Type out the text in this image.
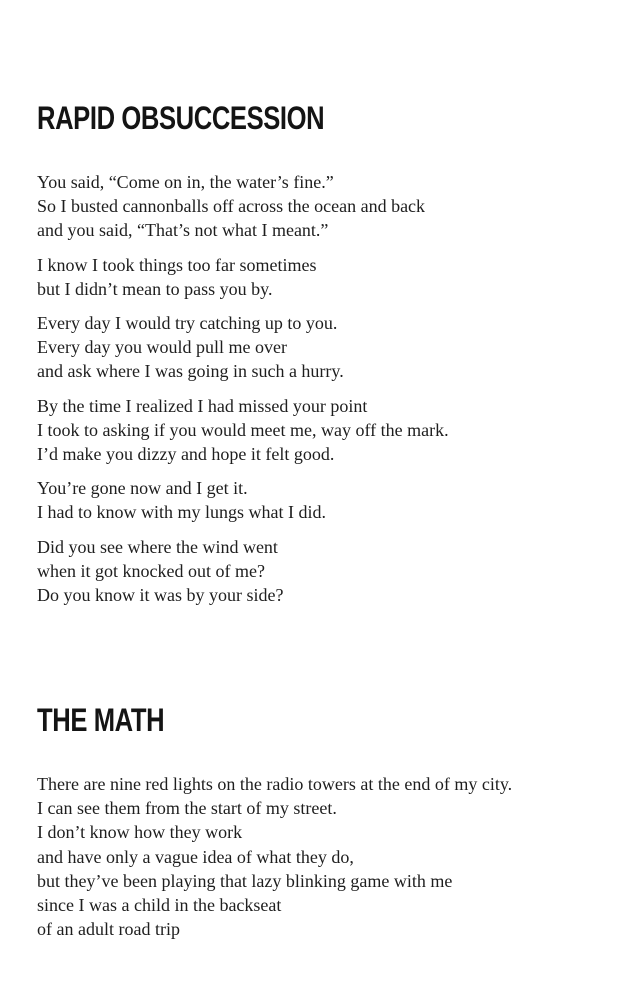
RAPID OBSUCCESSION
You said, “Come on in, the water’s fine.”
So I busted cannonballs off across the ocean and back
and you said, “That’s not what I meant.”
I know I took things too far sometimes
but I didn’t mean to pass you by.
Every day I would try catching up to you.
Every day you would pull me over
and ask where I was going in such a hurry.
By the time I realized I had missed your point
I took to asking if you would meet me, way off the mark.
I’d make you dizzy and hope it felt good.
You’re gone now and I get it.
I had to know with my lungs what I did.
Did you see where the wind went
when it got knocked out of me?
Do you know it was by your side?
THE MATH
There are nine red lights on the radio towers at the end of my city.
I can see them from the start of my street.
I don’t know how they work
and have only a vague idea of what they do,
but they’ve been playing that lazy blinking game with me
since I was a child in the backseat
of an adult road trip
